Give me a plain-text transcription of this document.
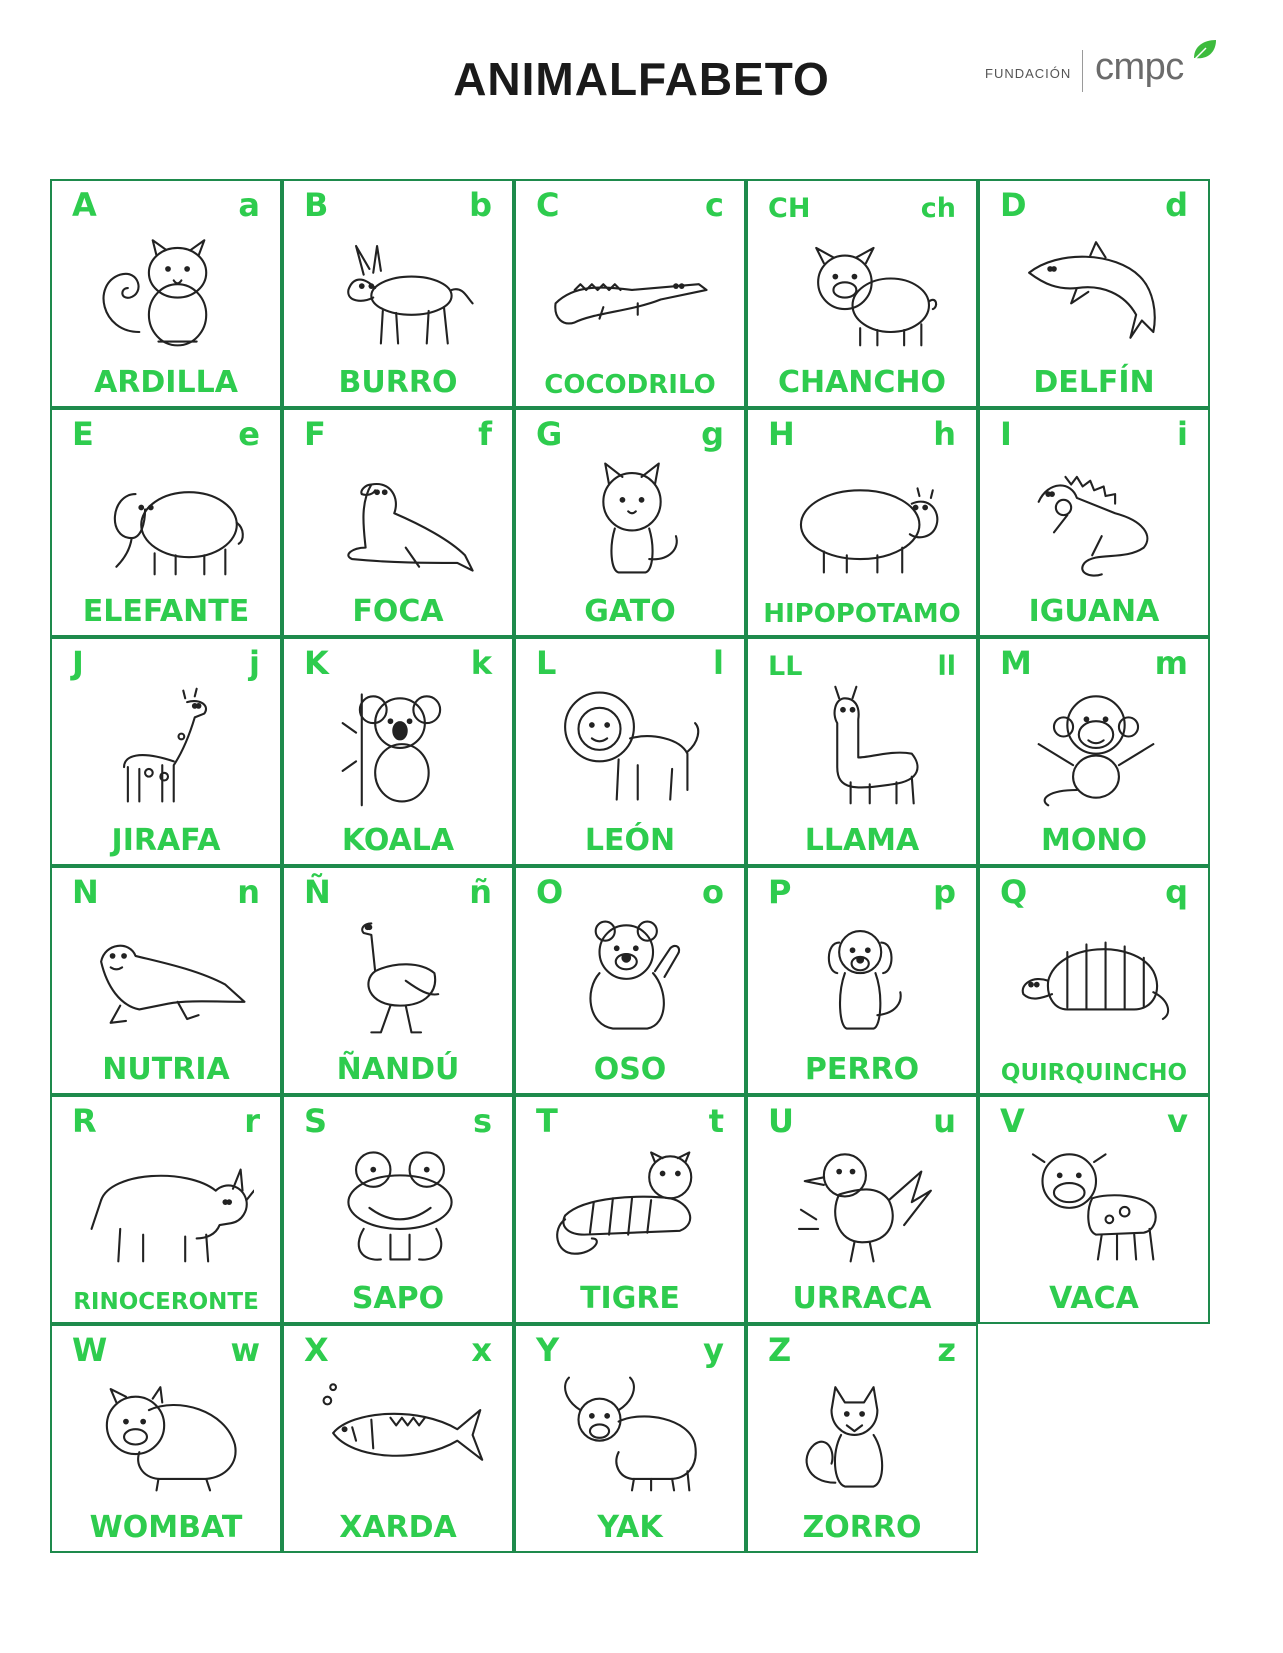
ANIMALFABETO	FUNDACIÓN cmpc
A	a
ARDILLA
B	b
BURRO
C	c
COCODRILO
CH	ch
CHANCHO
D	d
DELFÍN
E	e
ELEFANTE
F	f
FOCA
G	g
GATO
H	h
HIPOPOTAMO
I	i
IGUANA
J	j
JIRAFA
K	k
KOALA
L	l
LEÓN
LL	ll
LLAMA
M	m
MONO
N	n
NUTRIA
Ñ	ñ
ÑANDÚ
O	o
OSO
P	p
PERRO
Q	q
QUIRQUINCHO
R	r
RINOCERONTE
S	s
SAPO
T	t
TIGRE
U	u
URRACA
V	v
VACA
W	w
WOMBAT
X	x
XARDA
Y	y
YAK
Z	z
ZORRO
